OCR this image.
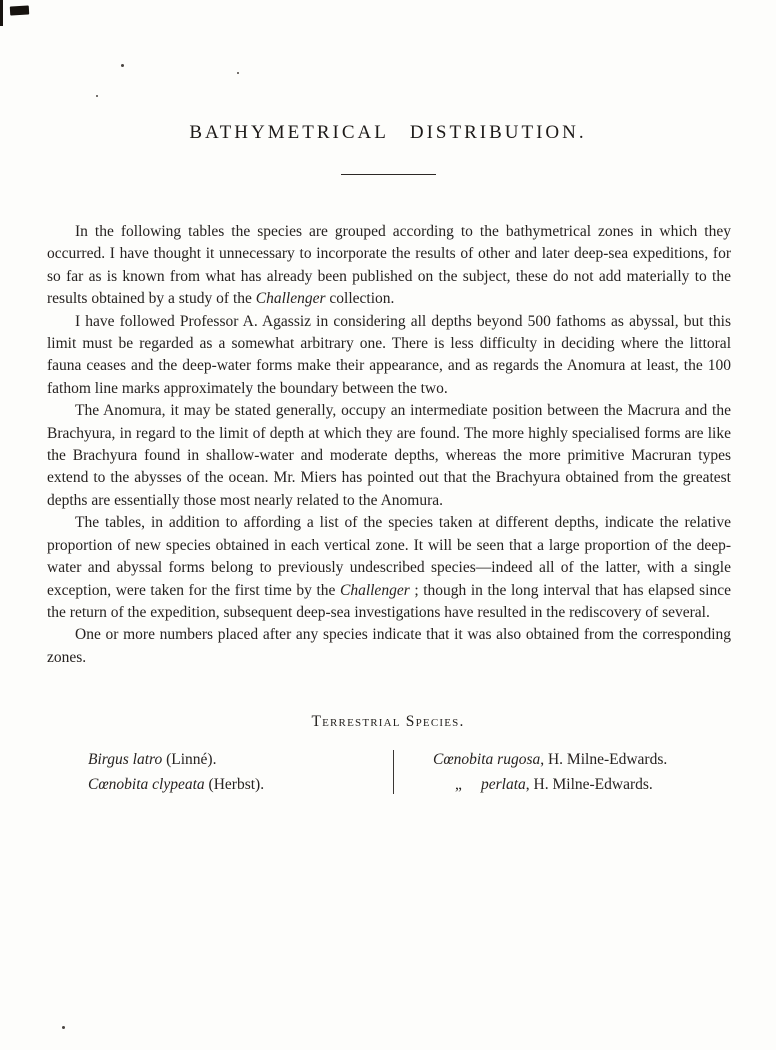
BATHYMETRICAL DISTRIBUTION.

In the following tables the species are grouped according to the bathymetrical zones in which they occurred. I have thought it unnecessary to incorporate the results of other and later deep-sea expeditions, for so far as is known from what has already been published on the subject, these do not add materially to the results obtained by a study of the Challenger collection.

I have followed Professor A. Agassiz in considering all depths beyond 500 fathoms as abyssal, but this limit must be regarded as a somewhat arbitrary one. There is less difficulty in deciding where the littoral fauna ceases and the deep-water forms make their appearance, and as regards the Anomura at least, the 100 fathom line marks approximately the boundary between the two.

The Anomura, it may be stated generally, occupy an intermediate position between the Macrura and the Brachyura, in regard to the limit of depth at which they are found. The more highly specialised forms are like the Brachyura found in shallow-water and moderate depths, whereas the more primitive Macruran types extend to the abysses of the ocean. Mr. Miers has pointed out that the Brachyura obtained from the greatest depths are essentially those most nearly related to the Anomura.

The tables, in addition to affording a list of the species taken at different depths, indicate the relative proportion of new species obtained in each vertical zone. It will be seen that a large proportion of the deep-water and abyssal forms belong to previously undescribed species—indeed all of the latter, with a single exception, were taken for the first time by the Challenger ; though in the long interval that has elapsed since the return of the expedition, subsequent deep-sea investigations have resulted in the rediscovery of several.

One or more numbers placed after any species indicate that it was also obtained from the corresponding zones.

Terrestrial Species.
Birgus latro (Linné).
Cœnobita clypeata (Herbst).
Cœnobita rugosa, H. Milne-Edwards.
„ perlata, H. Milne-Edwards.
